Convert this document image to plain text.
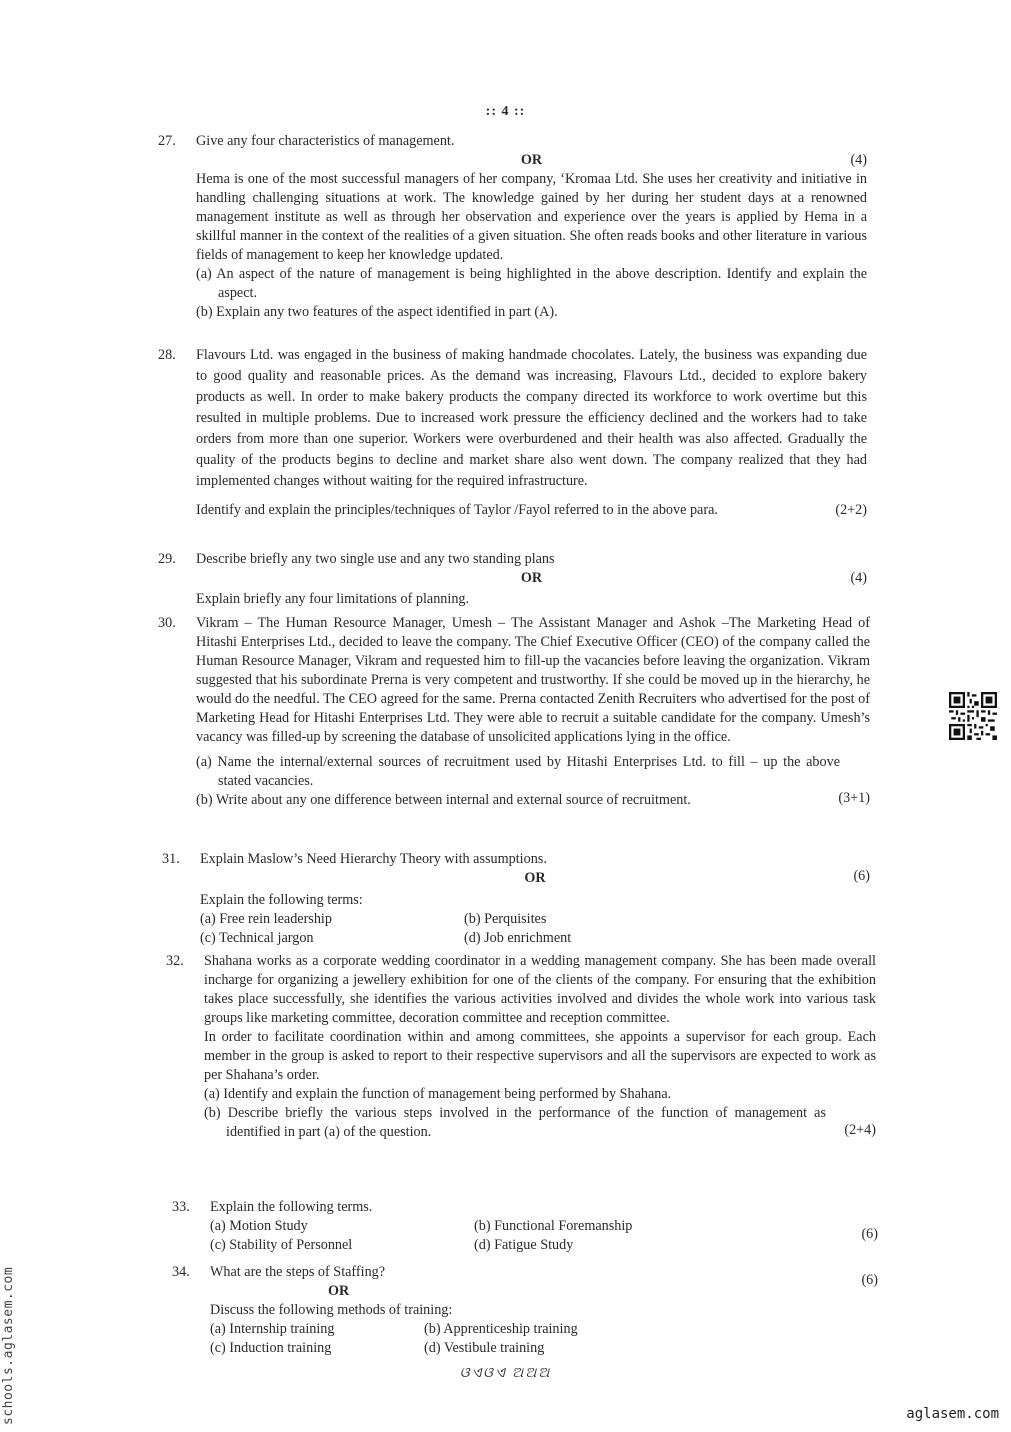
:: 4 ::
27.	Give any four characteristics of management.
OR	(4)
Hema is one of the most successful managers of her company, ‘Kromaa Ltd. She uses her creativity and initiative in handling challenging situations at work. The knowledge gained by her during her student days at a renowned management institute as well as through her observation and experience over the years is applied by Hema in a skillful manner in the context of the realities of a given situation. She often reads books and other literature in various fields of management to keep her knowledge updated.
(a) An aspect of the nature of management is being highlighted in the above description. Identify and explain the aspect.
(b) Explain any two features of the aspect identified in part (A).
28.	Flavours Ltd. was engaged in the business of making handmade chocolates. Lately, the business was expanding due to good quality and reasonable prices. As the demand was increasing, Flavours Ltd., decided to explore bakery products as well. In order to make bakery products the company directed its workforce to work overtime but this resulted in multiple problems. Due to increased work pressure the efficiency declined and the workers had to take orders from more than one superior. Workers were overburdened and their health was also affected. Gradually the quality of the products begins to decline and market share also went down. The company realized that they had implemented changes without waiting for the required infrastructure.
Identify and explain the principles/techniques of Taylor /Fayol referred to in the above para.	(2+2)
29.	Describe briefly any two single use and any two standing plans
OR	(4)
Explain briefly any four limitations of planning.
30.	Vikram – The Human Resource Manager, Umesh – The Assistant Manager and Ashok –The Marketing Head of Hitashi Enterprises Ltd., decided to leave the company. The Chief Executive Officer (CEO) of the company called the Human Resource Manager, Vikram and requested him to fill-up the vacancies before leaving the organization. Vikram suggested that his subordinate Prerna is very competent and trustworthy. If she could be moved up in the hierarchy, he would do the needful. The CEO agreed for the same. Prerna contacted Zenith Recruiters who advertised for the post of Marketing Head for Hitashi Enterprises Ltd. They were able to recruit a suitable candidate for the company. Umesh’s vacancy was filled-up by screening the database of unsolicited applications lying in the office.
(a) Name the internal/external sources of recruitment used by Hitashi Enterprises Ltd. to fill – up the above stated vacancies.
(b) Write about any one difference between internal and external source of recruitment.	(3+1)
31.	Explain Maslow’s Need Hierarchy Theory with assumptions.
OR	(6)
Explain the following terms:
(a) Free rein leadership	(b) Perquisites
(c) Technical jargon	(d) Job enrichment
32.	Shahana works as a corporate wedding coordinator in a wedding management company. She has been made overall incharge for organizing a jewellery exhibition for one of the clients of the company. For ensuring that the exhibition takes place successfully, she identifies the various activities involved and divides the whole work into various task groups like marketing committee, decoration committee and reception committee.
In order to facilitate coordination within and among committees, she appoints a supervisor for each group. Each member in the group is asked to report to their respective supervisors and all the supervisors are expected to work as per Shahana’s order.
(a) Identify and explain the function of management being performed by Shahana.
(b) Describe briefly the various steps involved in the performance of the function of management as identified in part (a) of the question.	(2+4)
33.	Explain the following terms.
(a) Motion Study	(b) Functional Foremanship
(c) Stability of Personnel	(d) Fatigue Study
(6)
34.	What are the steps of Staffing?	(6)
OR
Discuss the following methods of training:
(a) Internship training	(b) Apprenticeship training
(c) Induction training	(d) Vestibule training
ଓଏଓଏ ଅଅଅ
schools.aglasem.com	aglasem.com
